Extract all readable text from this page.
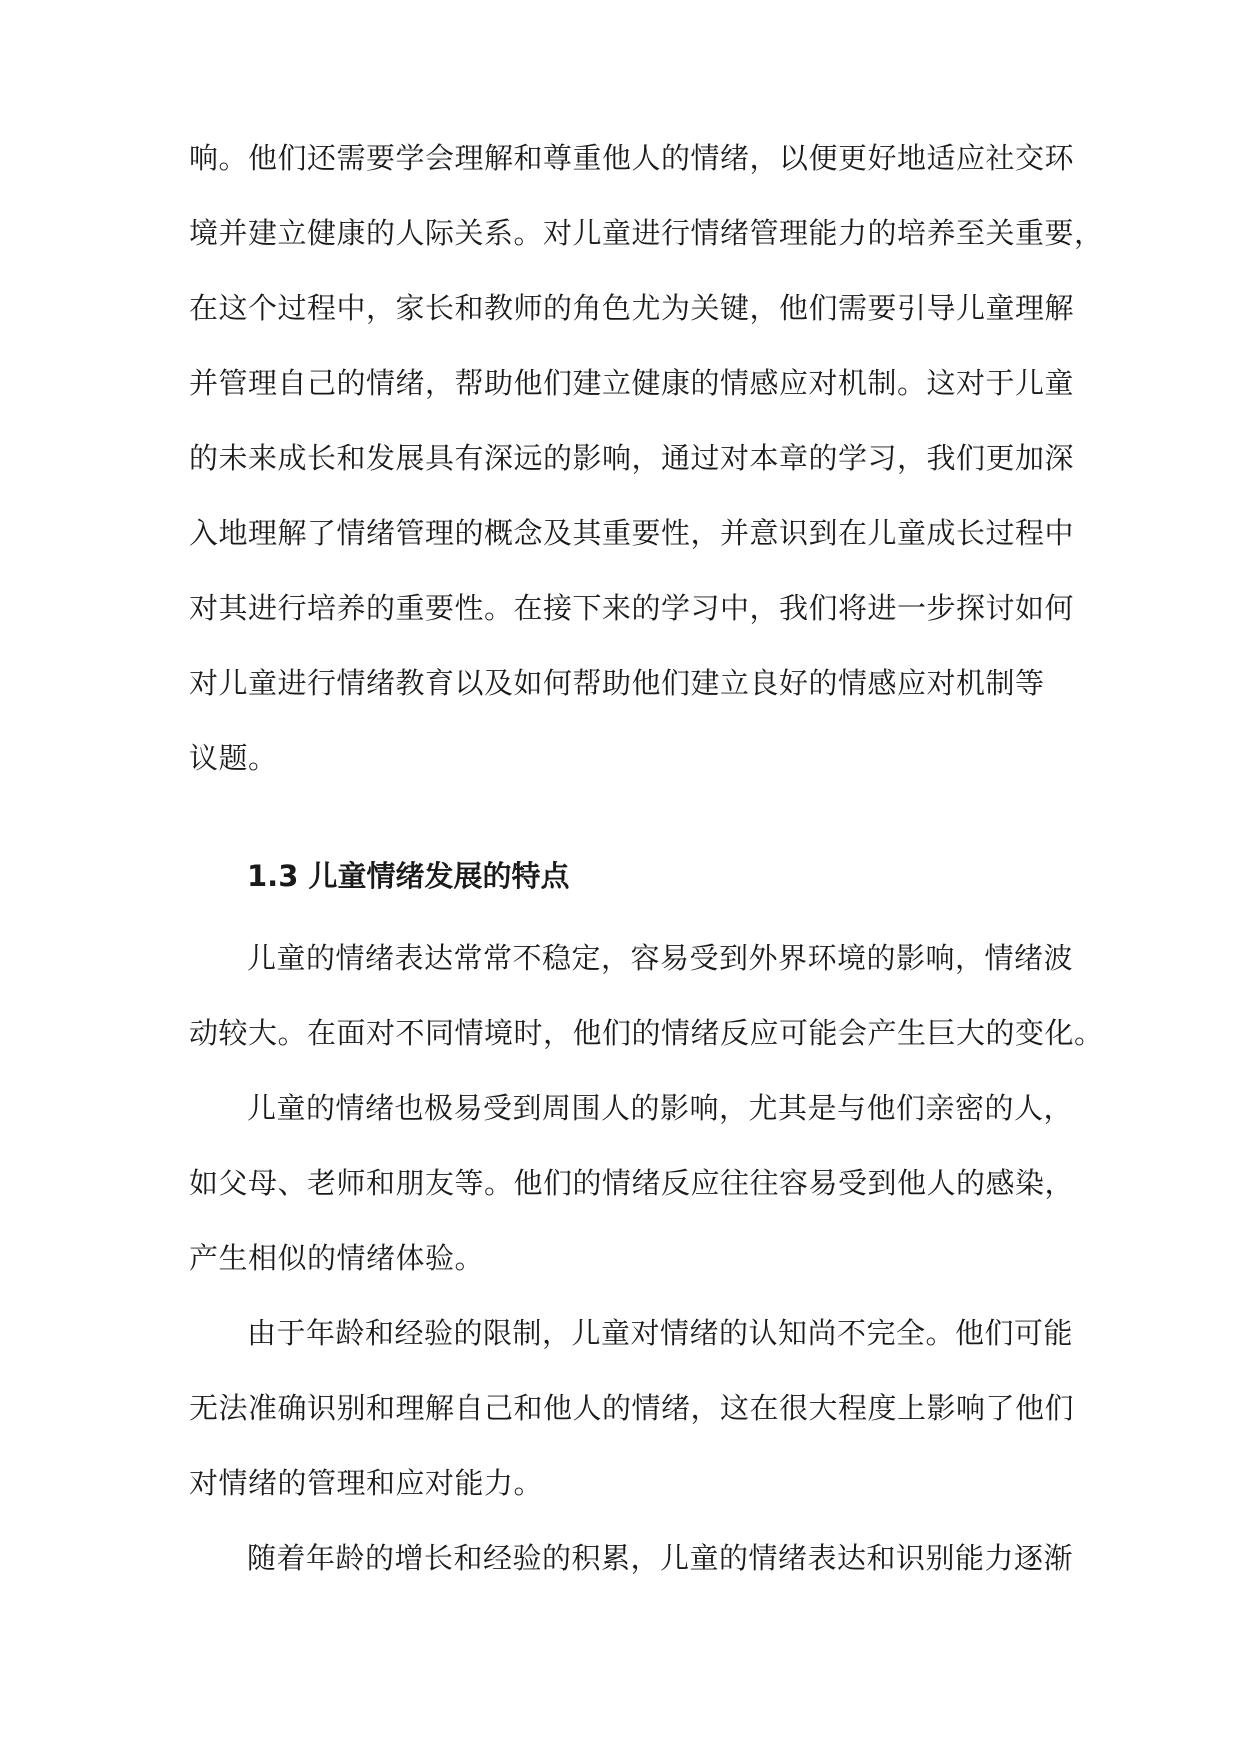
响。他们还需要学会理解和尊重他人的情绪，以便更好地适应社交环
境并建立健康的人际关系。对儿童进行情绪管理能力的培养至关重要，
在这个过程中，家长和教师的角色尤为关键，他们需要引导儿童理解
并管理自己的情绪，帮助他们建立健康的情感应对机制。这对于儿童
的未来成长和发展具有深远的影响，通过对本章的学习，我们更加深
入地理解了情绪管理的概念及其重要性，并意识到在儿童成长过程中
对其进行培养的重要性。在接下来的学习中，我们将进一步探讨如何
对儿童进行情绪教育以及如何帮助他们建立良好的情感应对机制等
议题。
1.3 儿童情绪发展的特点
儿童的情绪表达常常不稳定，容易受到外界环境的影响，情绪波
动较大。在面对不同情境时，他们的情绪反应可能会产生巨大的变化。
儿童的情绪也极易受到周围人的影响，尤其是与他们亲密的人，
如父母、老师和朋友等。他们的情绪反应往往容易受到他人的感染，
产生相似的情绪体验。
由于年龄和经验的限制，儿童对情绪的认知尚不完全。他们可能
无法准确识别和理解自己和他人的情绪，这在很大程度上影响了他们
对情绪的管理和应对能力。
随着年龄的增长和经验的积累，儿童的情绪表达和识别能力逐渐
